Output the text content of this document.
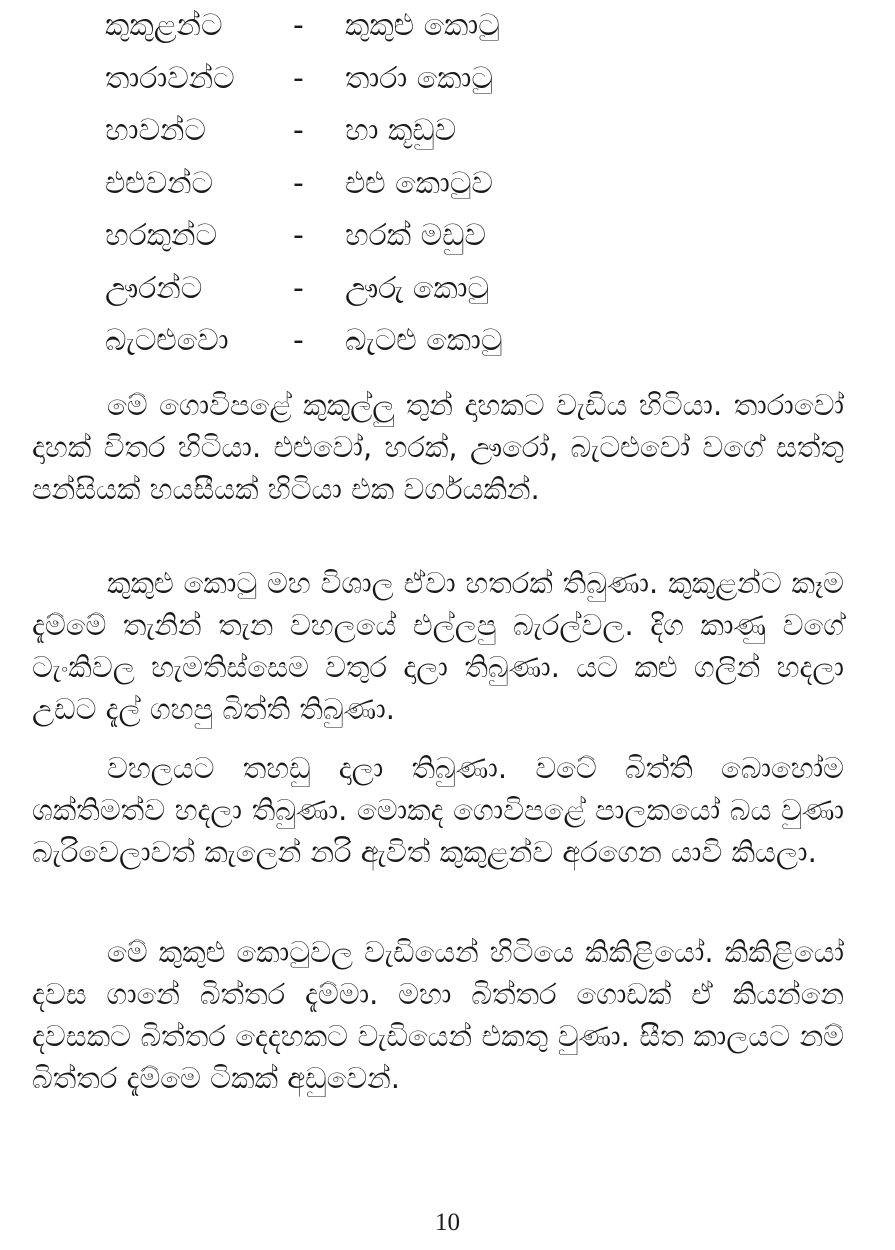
කුකුළන්ට - කුකුළු කොටු
තාරාවන්ට - තාරා කොටු
හාවන්ට	- හා කූඩුව
එළුවන්ට	- එළු කොටුව
හරකුන්ට	- හරක් මඩුව
ඌරන්ට	- ඌරු කොටු
බැටළුවො - බැටළු කොටු

මේ ගොවිපළේ කුකුල්ලු තුන් දාහකට වැඩිය හිටියා. තාරාවෝ දාහක් විතර හිටියා. එළුවෝ, හරක්, ඌරෝ, බැටළුවෝ වගේ සත්තු පන්සියක් හයසීයක් හිටියා එක වර්ගයකින්.

කුකුළු කොටු මහ විශාල ඒවා හතරක් තිබුණා. කුකුළන්ට කෑම දැම්මේ තැනින් තැන වහලයේ එල්ලපු බැරල්වල. දිග කාණු වගේ ටැංකිවල හැමතිස්සෙම වතුර දාලා තිබුණා. යට කළු ගලින් හදලා උඩට දැල් ගහපු බිත්ති තිබුණා.

වහලයට තහඩු දාලා තිබුණා. වටේ බිත්ති බොහෝම ශක්තිමත්ව හදලා තිබුණා. මොකද ගොවිපළේ පාලකයෝ බය වුණා බැරිවෙලාවත් කැලෙන් නරි ඇවිත් කුකුළන්ව අරගෙන යාවි කියලා.

මේ කුකුළු කොටුවල වැඩියෙන් හිටියෙ කිකිළියෝ. කිකිළියෝ දවස ගානේ බිත්තර දැම්මා. මහා බිත්තර ගොඩක් ඒ කියන්නෙ දවසකට බිත්තර දෙදහකට වැඩියෙන් එකතු වුණා. සීත කාලයට නම් බිත්තර දැම්මෙ ටිකක් අඩුවෙන්.

10
